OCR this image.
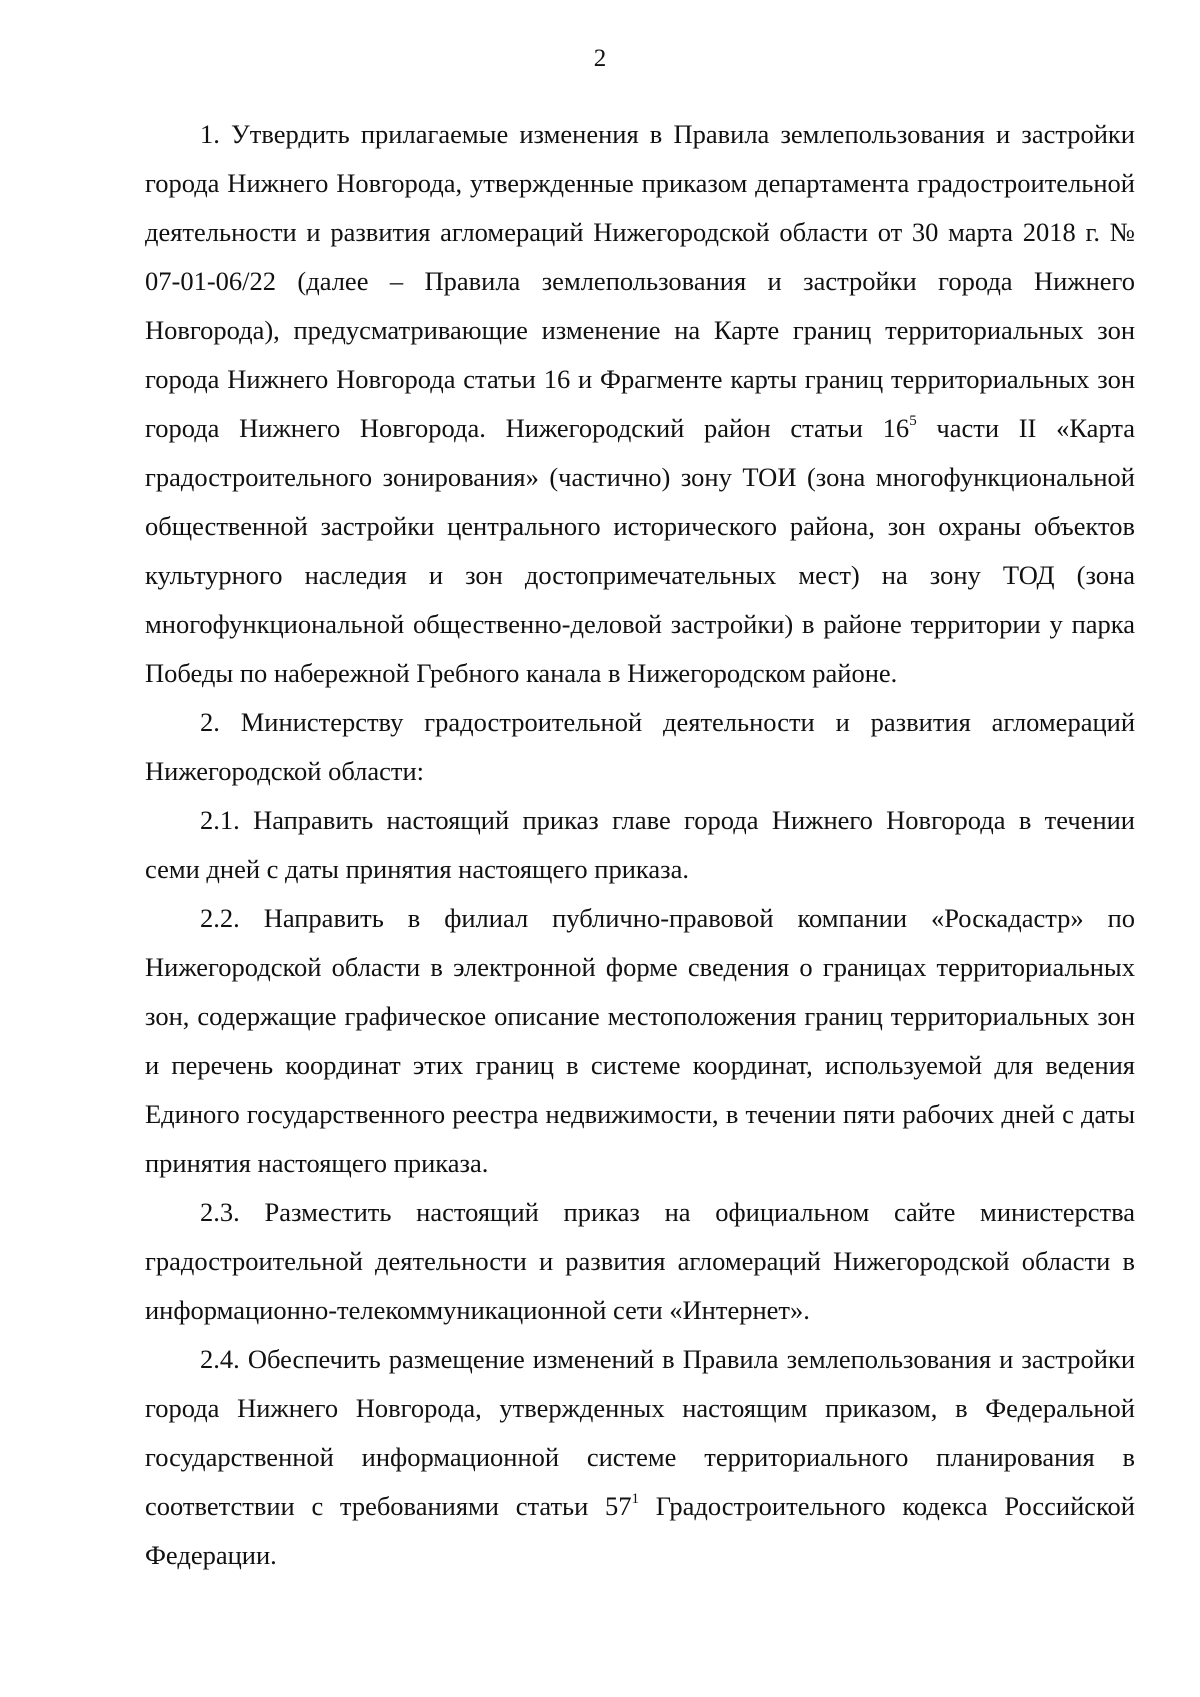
2

1. Утвердить прилагаемые изменения в Правила землепользования и застройки города Нижнего Новгорода, утвержденные приказом департамента градостроительной деятельности и развития агломераций Нижегородской области от 30 марта 2018 г. № 07-01-06/22 (далее – Правила землепользования и застройки города Нижнего Новгорода), предусматривающие изменение на Карте границ территориальных зон города Нижнего Новгорода статьи 16 и Фрагменте карты границ территориальных зон города Нижнего Новгорода. Нижегородский район статьи $16^5$ части II «Карта градостроительного зонирования» (частично) зону ТОИ (зона многофункциональной общественной застройки центрального исторического района, зон охраны объектов культурного наследия и зон достопримечательных мест) на зону ТОД (зона многофункциональной общественно-деловой застройки) в районе территории у парка Победы по набережной Гребного канала в Нижегородском районе.

2. Министерству градостроительной деятельности и развития агломераций Нижегородской области:

2.1. Направить настоящий приказ главе города Нижнего Новгорода в течении семи дней с даты принятия настоящего приказа.

2.2. Направить в филиал публично-правовой компании «Роскадастр» по Нижегородской области в электронной форме сведения о границах территориальных зон, содержащие графическое описание местоположения границ территориальных зон и перечень координат этих границ в системе координат, используемой для ведения Единого государственного реестра недвижимости, в течении пяти рабочих дней с даты принятия настоящего приказа.

2.3. Разместить настоящий приказ на официальном сайте министерства градостроительной деятельности и развития агломераций Нижегородской области в информационно-телекоммуникационной сети «Интернет».

2.4. Обеспечить размещение изменений в Правила землепользования и застройки города Нижнего Новгорода, утвержденных настоящим приказом, в Федеральной государственной информационной системе территориального планирования в соответствии с требованиями статьи $57^1$ Градостроительного кодекса Российской Федерации.
